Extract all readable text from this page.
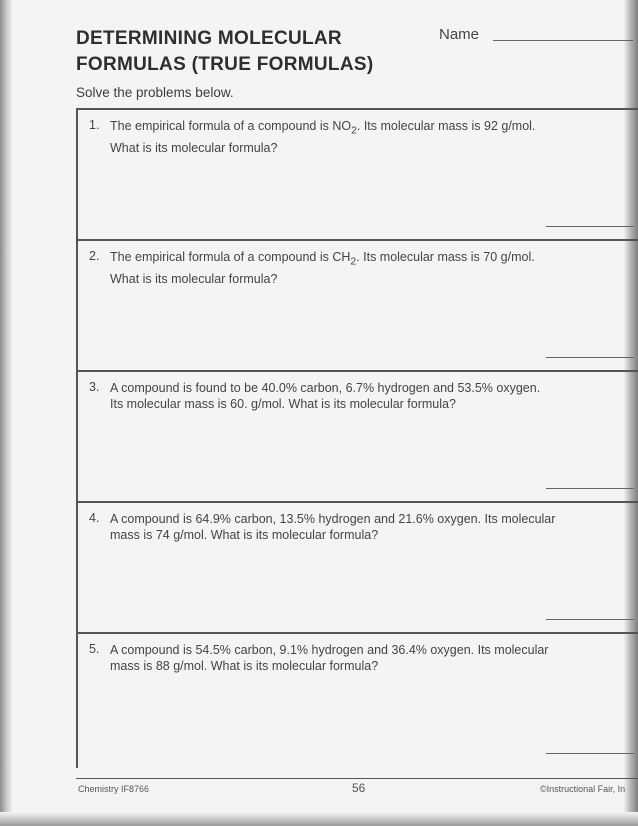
DETERMINING MOLECULAR
FORMULAS (TRUE FORMULAS)
Name
Solve the problems below.
1. The empirical formula of a compound is $NO_2$. Its molecular mass is 92 g/mol.
What is its molecular formula?
2. The empirical formula of a compound is $CH_2$. Its molecular mass is 70 g/mol.
What is its molecular formula?
3. A compound is found to be 40.0% carbon, 6.7% hydrogen and 53.5% oxygen.
Its molecular mass is 60. g/mol. What is its molecular formula?
4. A compound is 64.9% carbon, 13.5% hydrogen and 21.6% oxygen. Its molecular
mass is 74 g/mol. What is its molecular formula?
5. A compound is 54.5% carbon, 9.1% hydrogen and 36.4% oxygen. Its molecular
mass is 88 g/mol. What is its molecular formula?
Chemistry IF8766	56	©Instructional Fair, In
